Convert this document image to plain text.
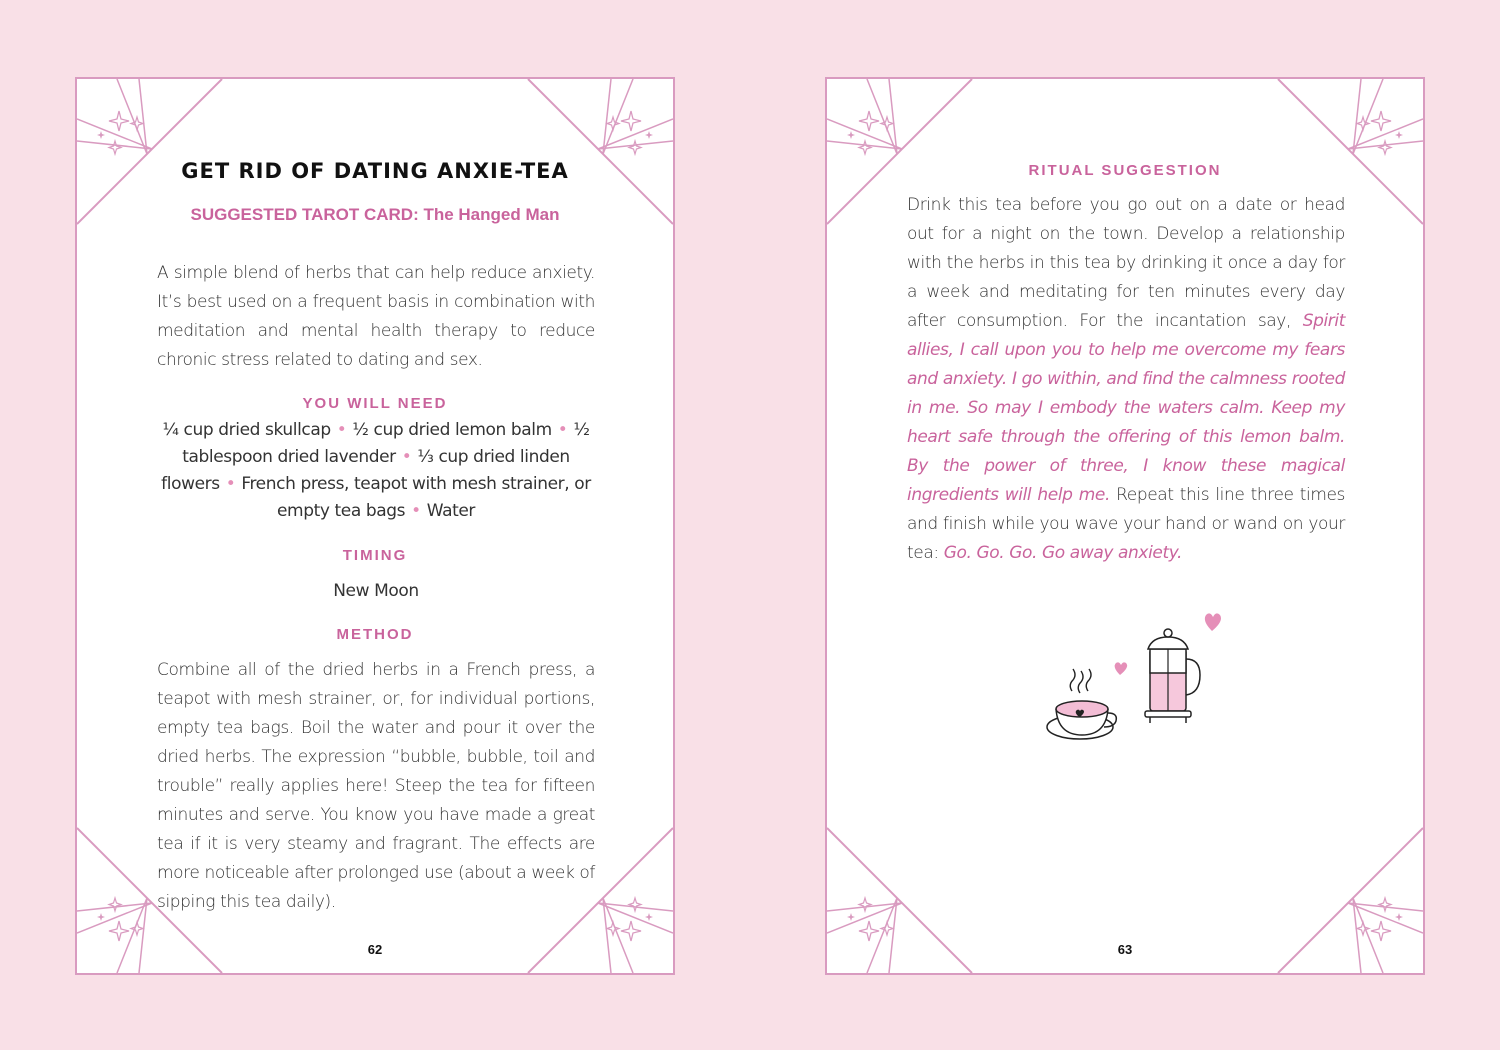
GET RID OF DATING ANXIE-TEA
SUGGESTED TAROT CARD: The Hanged Man
A simple blend of herbs that can help reduce anxiety. It’s best used on a frequent basis in combination with meditation and mental health therapy to reduce chronic stress related to dating and sex.
YOU WILL NEED
¼ cup dried skullcap • ½ cup dried lemon balm • ½ tablespoon dried lavender • ⅓ cup dried linden flowers • French press, teapot with mesh strainer, or empty tea bags • Water
TIMING
New Moon
METHOD
Combine all of the dried herbs in a French press, a teapot with mesh strainer, or, for individual portions, empty tea bags. Boil the water and pour it over the dried herbs. The expression “bubble, bubble, toil and trouble” really applies here! Steep the tea for fifteen minutes and serve. You know you have made a great tea if it is very steamy and fragrant. The effects are more noticeable after prolonged use (about a week of sipping this tea daily).
62
RITUAL SUGGESTION
Drink this tea before you go out on a date or head out for a night on the town. Develop a relationship with the herbs in this tea by drinking it once a day for a week and meditating for ten minutes every day after consumption. For the incantation say, Spirit allies, I call upon you to help me overcome my fears and anxiety. I go within, and find the calmness rooted in me. So may I embody the waters calm. Keep my heart safe through the offering of this lemon balm. By the power of three, I know these magical ingredients will help me. Repeat this line three times and finish while you wave your hand or wand on your tea: Go. Go. Go. Go away anxiety.
63
